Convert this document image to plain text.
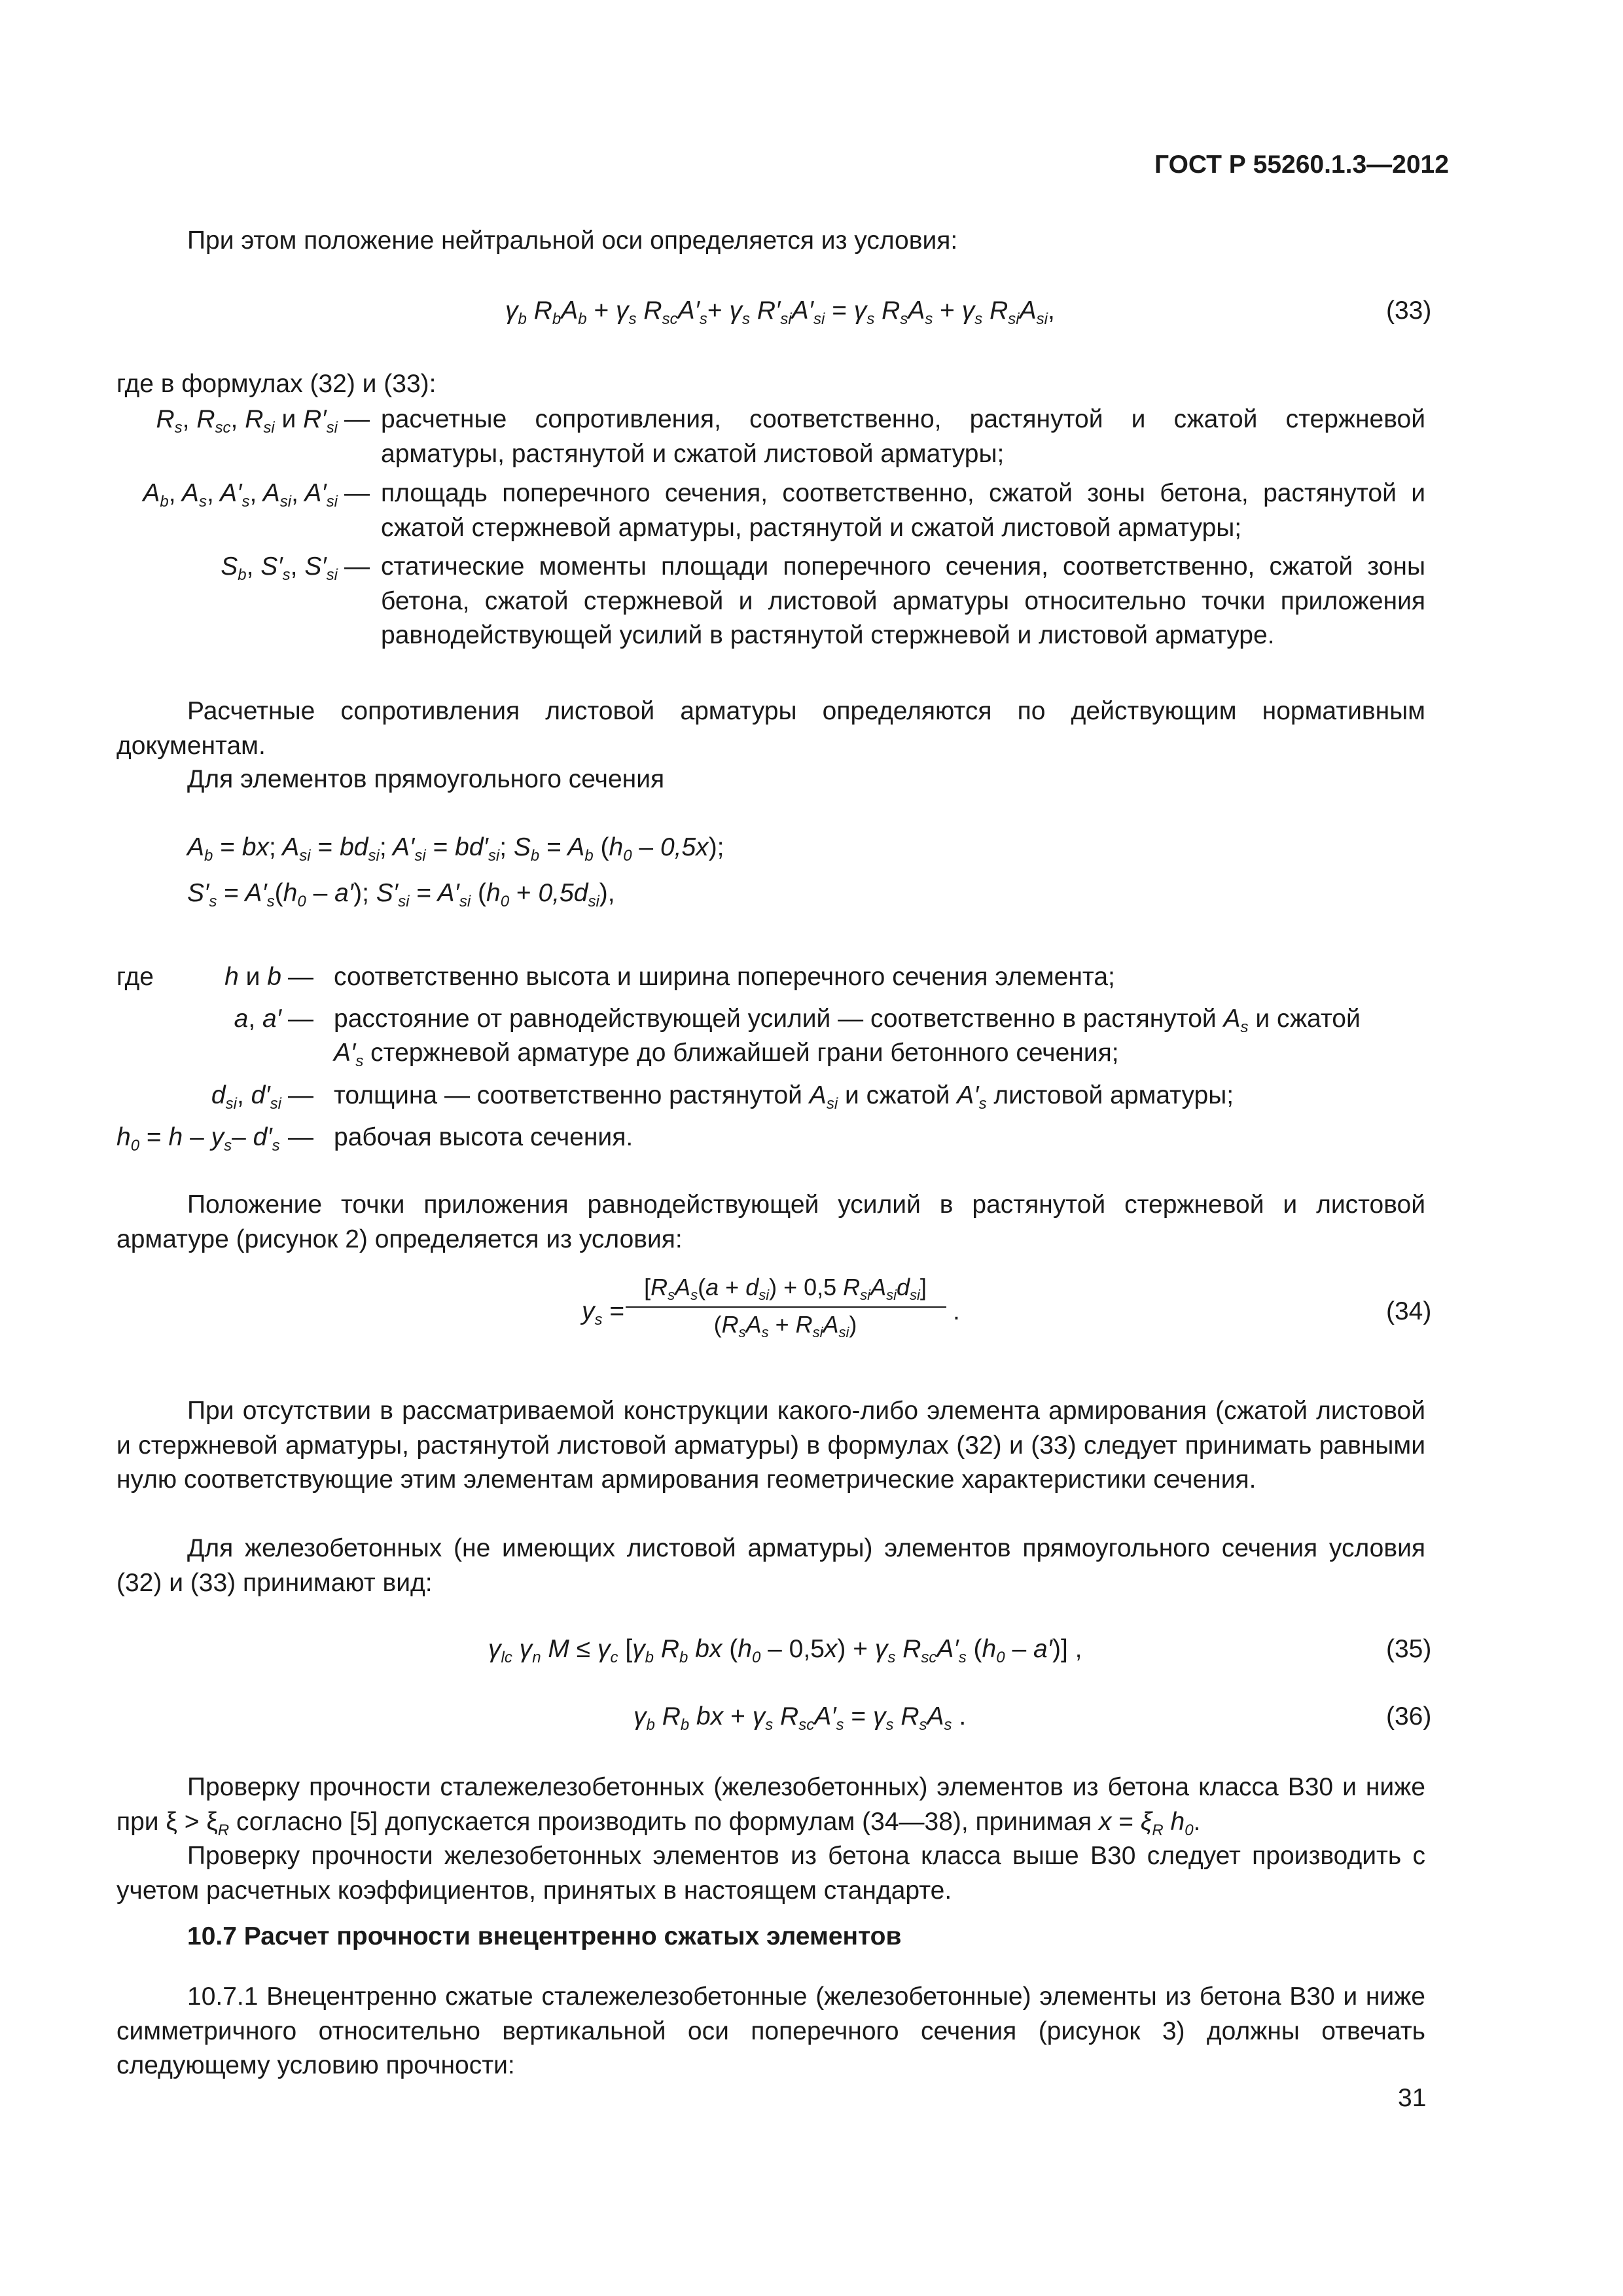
ГОСТ Р 55260.1.3—2012
При этом положение нейтральной оси определяется из условия:
$\gamma_b$ $R_bA_b + \gamma_s$ $R_{sc}A'_s+ \gamma_s$ $R'_{si}A'_{si} = \gamma_s$ $R_sA_s + \gamma_s$ $R_{si}A_{si}$,	(33)
где в формулах (32) и (33):
$R_s$, $R_{sc}$, $R_{si}$ и $R'_{si}$ — расчетные сопротивления, соответственно, растянутой и сжатой стержневой арматуры, растянутой и сжатой листовой арматуры;
$A_b$, $A_s$, $A'_s$, $A_{si}$, $A'_{si}$ — площадь поперечного сечения, соответственно, сжатой зоны бетона, растянутой и сжатой стержневой арматуры, растянутой и сжатой листовой арматуры;
$S_b$, $S'_s$, $S'_{si}$ — статические моменты площади поперечного сечения, соответственно, сжатой зоны бетона, сжатой стержневой и листовой арматуры относительно точки приложения равнодействующей усилий в растянутой стержневой и листовой арматуре.
Расчетные сопротивления листовой арматуры определяются по действующим нормативным документам.
Для элементов прямоугольного сечения
$A_b$ = bx; $A_{si} = bd_{si}$; $A'_{si} = bd'_{si}$; $S_b = A_b$ $(h_0 - 0,5x)$;
$S'_s = A'_s(h_0 - a')$; $S'_{si} = A'_{si}$ $(h_0 + 0,5d_{si})$,
где	h и b — соответственно высота и ширина поперечного сечения элемента;
a, a′ — расстояние от равнодействующей усилий — соответственно в растянутой $A_s$ и сжатой
$A'_s$ стержневой арматуре до ближайшей грани бетонного сечения;
$d_{si}$, $d'_{si}$ — толщина — соответственно растянутой $A_{si}$ и сжатой $A'_s$ листовой арматуры;
$h_0 = h - y_s-$ $d'_s$ — рабочая высота сечения.
Положение точки приложения равнодействующей усилий в растянутой стержневой и листовой арматуре (рисунок 2) определяется из условия:
$y_s$ =
[$R_sA_s(a + d_{si}) + 0,5$ $R_{si}A_{si}d_{si}$]
$(R_sA_s + R_{si}A_{si})$	.	(34)
При отсутствии в рассматриваемой конструкции какого-либо элемента армирования (сжатой листовой и стержневой арматуры, растянутой листовой арматуры) в формулах (32) и (33) следует принимать равными нулю соответствующие этим элементам армирования геометрические характеристики сечения.
Для железобетонных (не имеющих листовой арматуры) элементов прямоугольного сечения условия (32) и (33) принимают вид:
$\gamma_{lc}$ $\gamma_n$ $M \le \gamma_c$ [$\gamma_b$ $R_b$ bx $(h_0 - 0,5x) + \gamma_s$ $R_{sc}A'_s$ $(h_0 - a')$] ,	(35)
$\gamma_b$ $R_b$ bx + $\gamma_s$ $R_{sc}A'_s = \gamma_s$ $R_sA_s$ .	(36)
Проверку прочности сталежелезобетонных (железобетонных) элементов из бетона класса В30 и ниже при $\xi > \xi_R$ согласно [5] допускается производить по формулам (34—38), принимая $x = \xi_R$ $h_0$.
Проверку прочности железобетонных элементов из бетона класса выше В30 следует производить с учетом расчетных коэффициентов, принятых в настоящем стандарте.
10.7 Расчет прочности внецентренно сжатых элементов
10.7.1 Внецентренно сжатые сталежелезобетонные (железобетонные) элементы из бетона В30 и ниже симметричного относительно вертикальной оси поперечного сечения (рисунок 3) должны отвечать следующему условию прочности:
31
